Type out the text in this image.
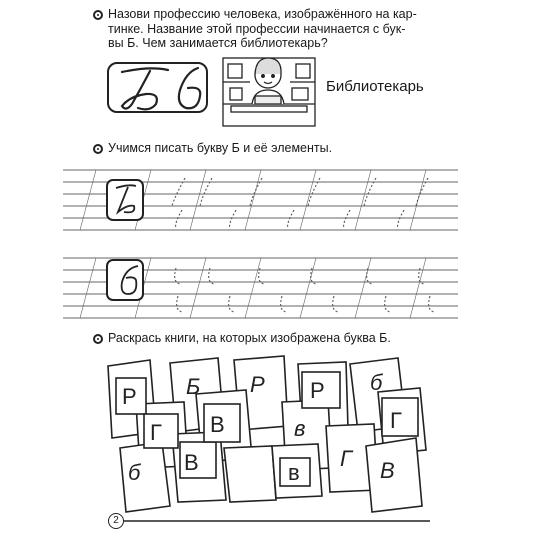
Назови профессию человека, изображённого на кар-
тинке. Название этой профессии начинается с бук-
вы Б. Чем занимается библиотекарь?
Библиотекарь
Учимся писать букву Б и её элементы.
Раскрась книги, на которых изображена буква Б.
Р Б Р Р б
Г В	в	Г
В
б	в
Г В
2
